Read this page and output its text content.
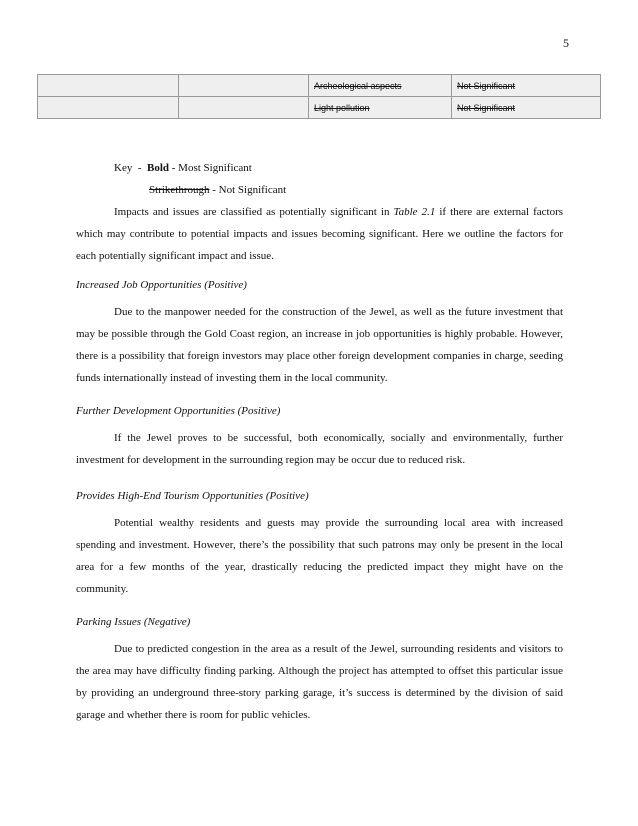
5
		Archeological aspects	Not Significant
		Light pollution	Not Significant

Key - Bold - Most Significant

Strikethrough - Not Significant

Impacts and issues are classified as potentially significant in Table 2.1 if there are external factors which may contribute to potential impacts and issues becoming significant. Here we outline the factors for each potentially significant impact and issue.

Increased Job Opportunities (Positive)

Due to the manpower needed for the construction of the Jewel, as well as the future investment that may be possible through the Gold Coast region, an increase in job opportunities is highly probable. However, there is a possibility that foreign investors may place other foreign development companies in charge, seeding funds internationally instead of investing them in the local community.

Further Development Opportunities (Positive)

If the Jewel proves to be successful, both economically, socially and environmentally, further investment for development in the surrounding region may be occur due to reduced risk.

Provides High-End Tourism Opportunities (Positive)

Potential wealthy residents and guests may provide the surrounding local area with increased spending and investment. However, there’s the possibility that such patrons may only be present in the local area for a few months of the year, drastically reducing the predicted impact they might have on the community.

Parking Issues (Negative)

Due to predicted congestion in the area as a result of the Jewel, surrounding residents and visitors to the area may have difficulty finding parking. Although the project has attempted to offset this particular issue by providing an underground three-story parking garage, it’s success is determined by the division of said garage and whether there is room for public vehicles.
